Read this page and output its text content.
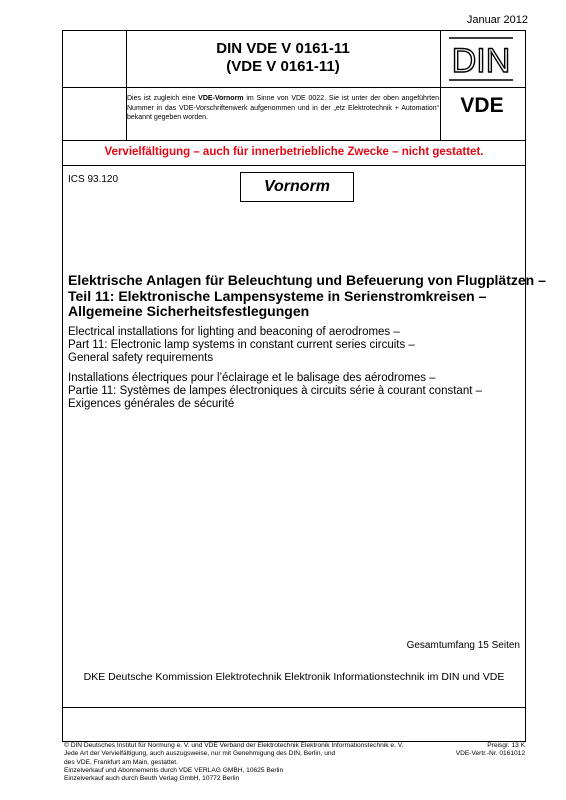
Januar 2012
DIN VDE V 0161-11
(VDE V 0161-11)	DIN
VDE
Dies ist zugleich eine VDE-Vornorm im Sinne von VDE 0022. Sie ist unter der oben angeführten Nummer in das VDE-Vorschriftenwerk aufgenommen und in der „etz Elektrotechnik + Automation“ bekannt gegeben worden.
Vervielfältigung – auch für innerbetriebliche Zwecke – nicht gestattet.
ICS 93.120	Vornorm
Elektrische Anlagen für Beleuchtung und Befeuerung von Flugplätzen –
Teil 11: Elektronische Lampensysteme in Serienstromkreisen –
Allgemeine Sicherheitsfestlegungen
Electrical installations for lighting and beaconing of aerodromes –
Part 11: Electronic lamp systems in constant current series circuits –
General safety requirements
Installations électriques pour l’éclairage et le balisage des aérodromes –
Partie 11: Systèmes de lampes électroniques à circuits série à courant constant –
Exigences générales de sécurité
Gesamtumfang 15 Seiten
DKE Deutsche Kommission Elektrotechnik Elektronik Informationstechnik im DIN und VDE
© DIN Deutsches Institut für Normung e. V. und VDE Verband der Elektrotechnik Elektronik Informationstechnik e. V.
Jede Art der Vervielfältigung, auch auszugsweise, nur mit Genehmigung des DIN, Berlin, und
des VDE, Frankfurt am Main, gestattet.
Einzelverkauf und Abonnements durch VDE VERLAG GMBH, 10625 Berlin
Einzelverkauf auch durch Beuth Verlag GmbH, 10772 Berlin
Preisgr. 13 K
VDE-Vertr.-Nr. 0161012
